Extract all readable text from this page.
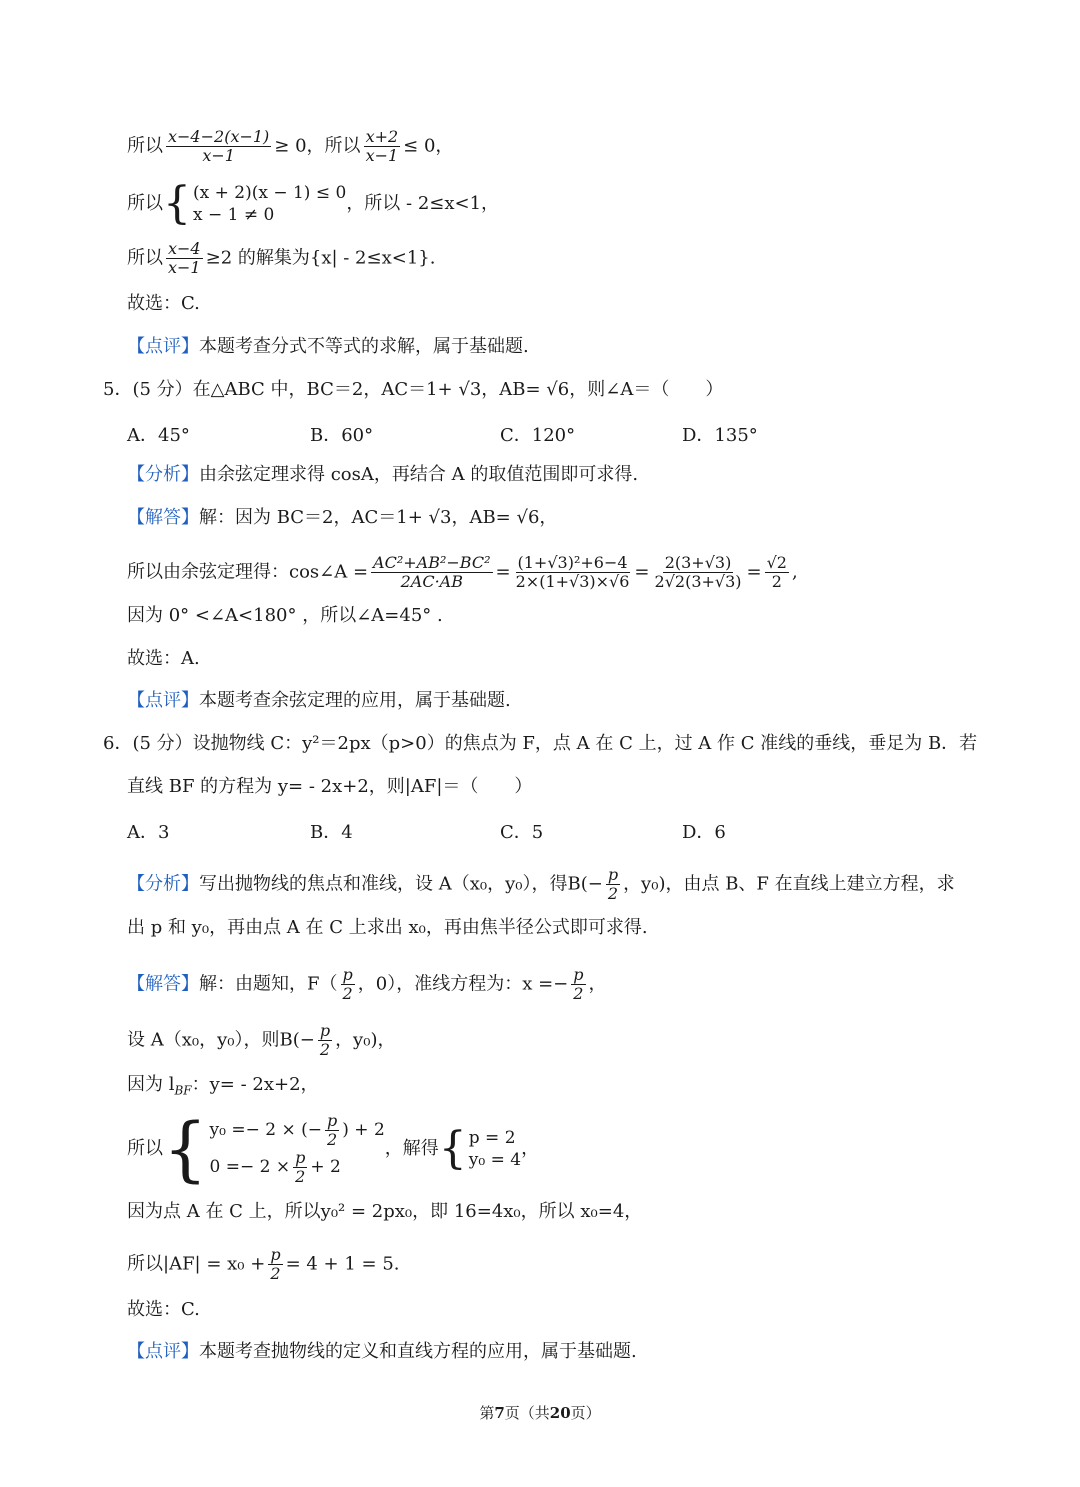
所以 $\frac{x-4-2(x-1)}{x-1} \ge 0$，所以 $\frac{x+2}{x-1} \le 0$，
所以 { (x + 2)(x − 1) ≤ 0
x − 1 ≠ 0
，所以 - 2≤x<1，
所以 $\frac{x-4}{x-1} \ge 2$ 的解集为{x| - 2≤x<1}.
故选：C.
【点评】本题考查分式不等式的求解，属于基础题.
5．(5 分）在△ABC 中，BC＝2，AC＝1+ √3，AB= √6，则∠A＝（　　）
A．45°	B．60°	C．120°	D．135°
【分析】由余弦定理求得 cosA，再结合 A 的取值范围即可求得.
【解答】解：因为 BC＝2，AC＝1+ √3，AB= √6，
所以由余弦定理得：cos∠A = $\frac{\text{AC²+AB²−BC²}}{2AC\cdot AB} = \frac{\text{(1+√3)²+6−4}}{2\times(1+√3)\times√6} = \frac{2(3+√3)}{2√2(3+√3)} = \frac{√2}{2}$ ,
因为 0° <∠A<180° ，所以∠A=45° .
故选：A.
【点评】本题考查余弦定理的应用，属于基础题.
6．(5 分）设抛物线 C：y²＝2px（p>0）的焦点为 F，点 A 在 C 上，过 A 作 C 准线的垂线，垂足为 B．若
直线 BF 的方程为 y= - 2x+2，则|AF|＝（　　）
A．3	B．4	C．5	D．6
【分析】写出抛物线的焦点和准线，设 A（x₀，y₀），得$B(- \frac{p}{2}$ ，y₀)，由点 B、F 在直线上建立方程，求
出 p 和 y₀，再由点 A 在 C 上求出 x₀，再由焦半径公式即可求得.
【解答】解：由题知，$F( \frac{p}{2}$ ，0），准线方程为：$x =- \frac{p}{2}$ ，
设 A（x₀，y₀），则$B(- \frac{p}{2}$ ，y₀)，
因为 $l_{BF}$：y= - 2x+2，
所以 { y₀ =− 2 × (− $\frac{p}{2}$ ) + 2
$0 =- 2 \times \frac{p}{2} + 2$
，解得 { p = 2
y₀ = 4
，
因为点 A 在 C 上，所以y₀² = 2px₀，即 16=4x₀，所以 x₀=4，
所以$|AF| = x_0 + \frac{p}{2} = 4 + 1 = 5$.
故选：C.
【点评】本题考查抛物线的定义和直线方程的应用，属于基础题.
第7页（共20页）
